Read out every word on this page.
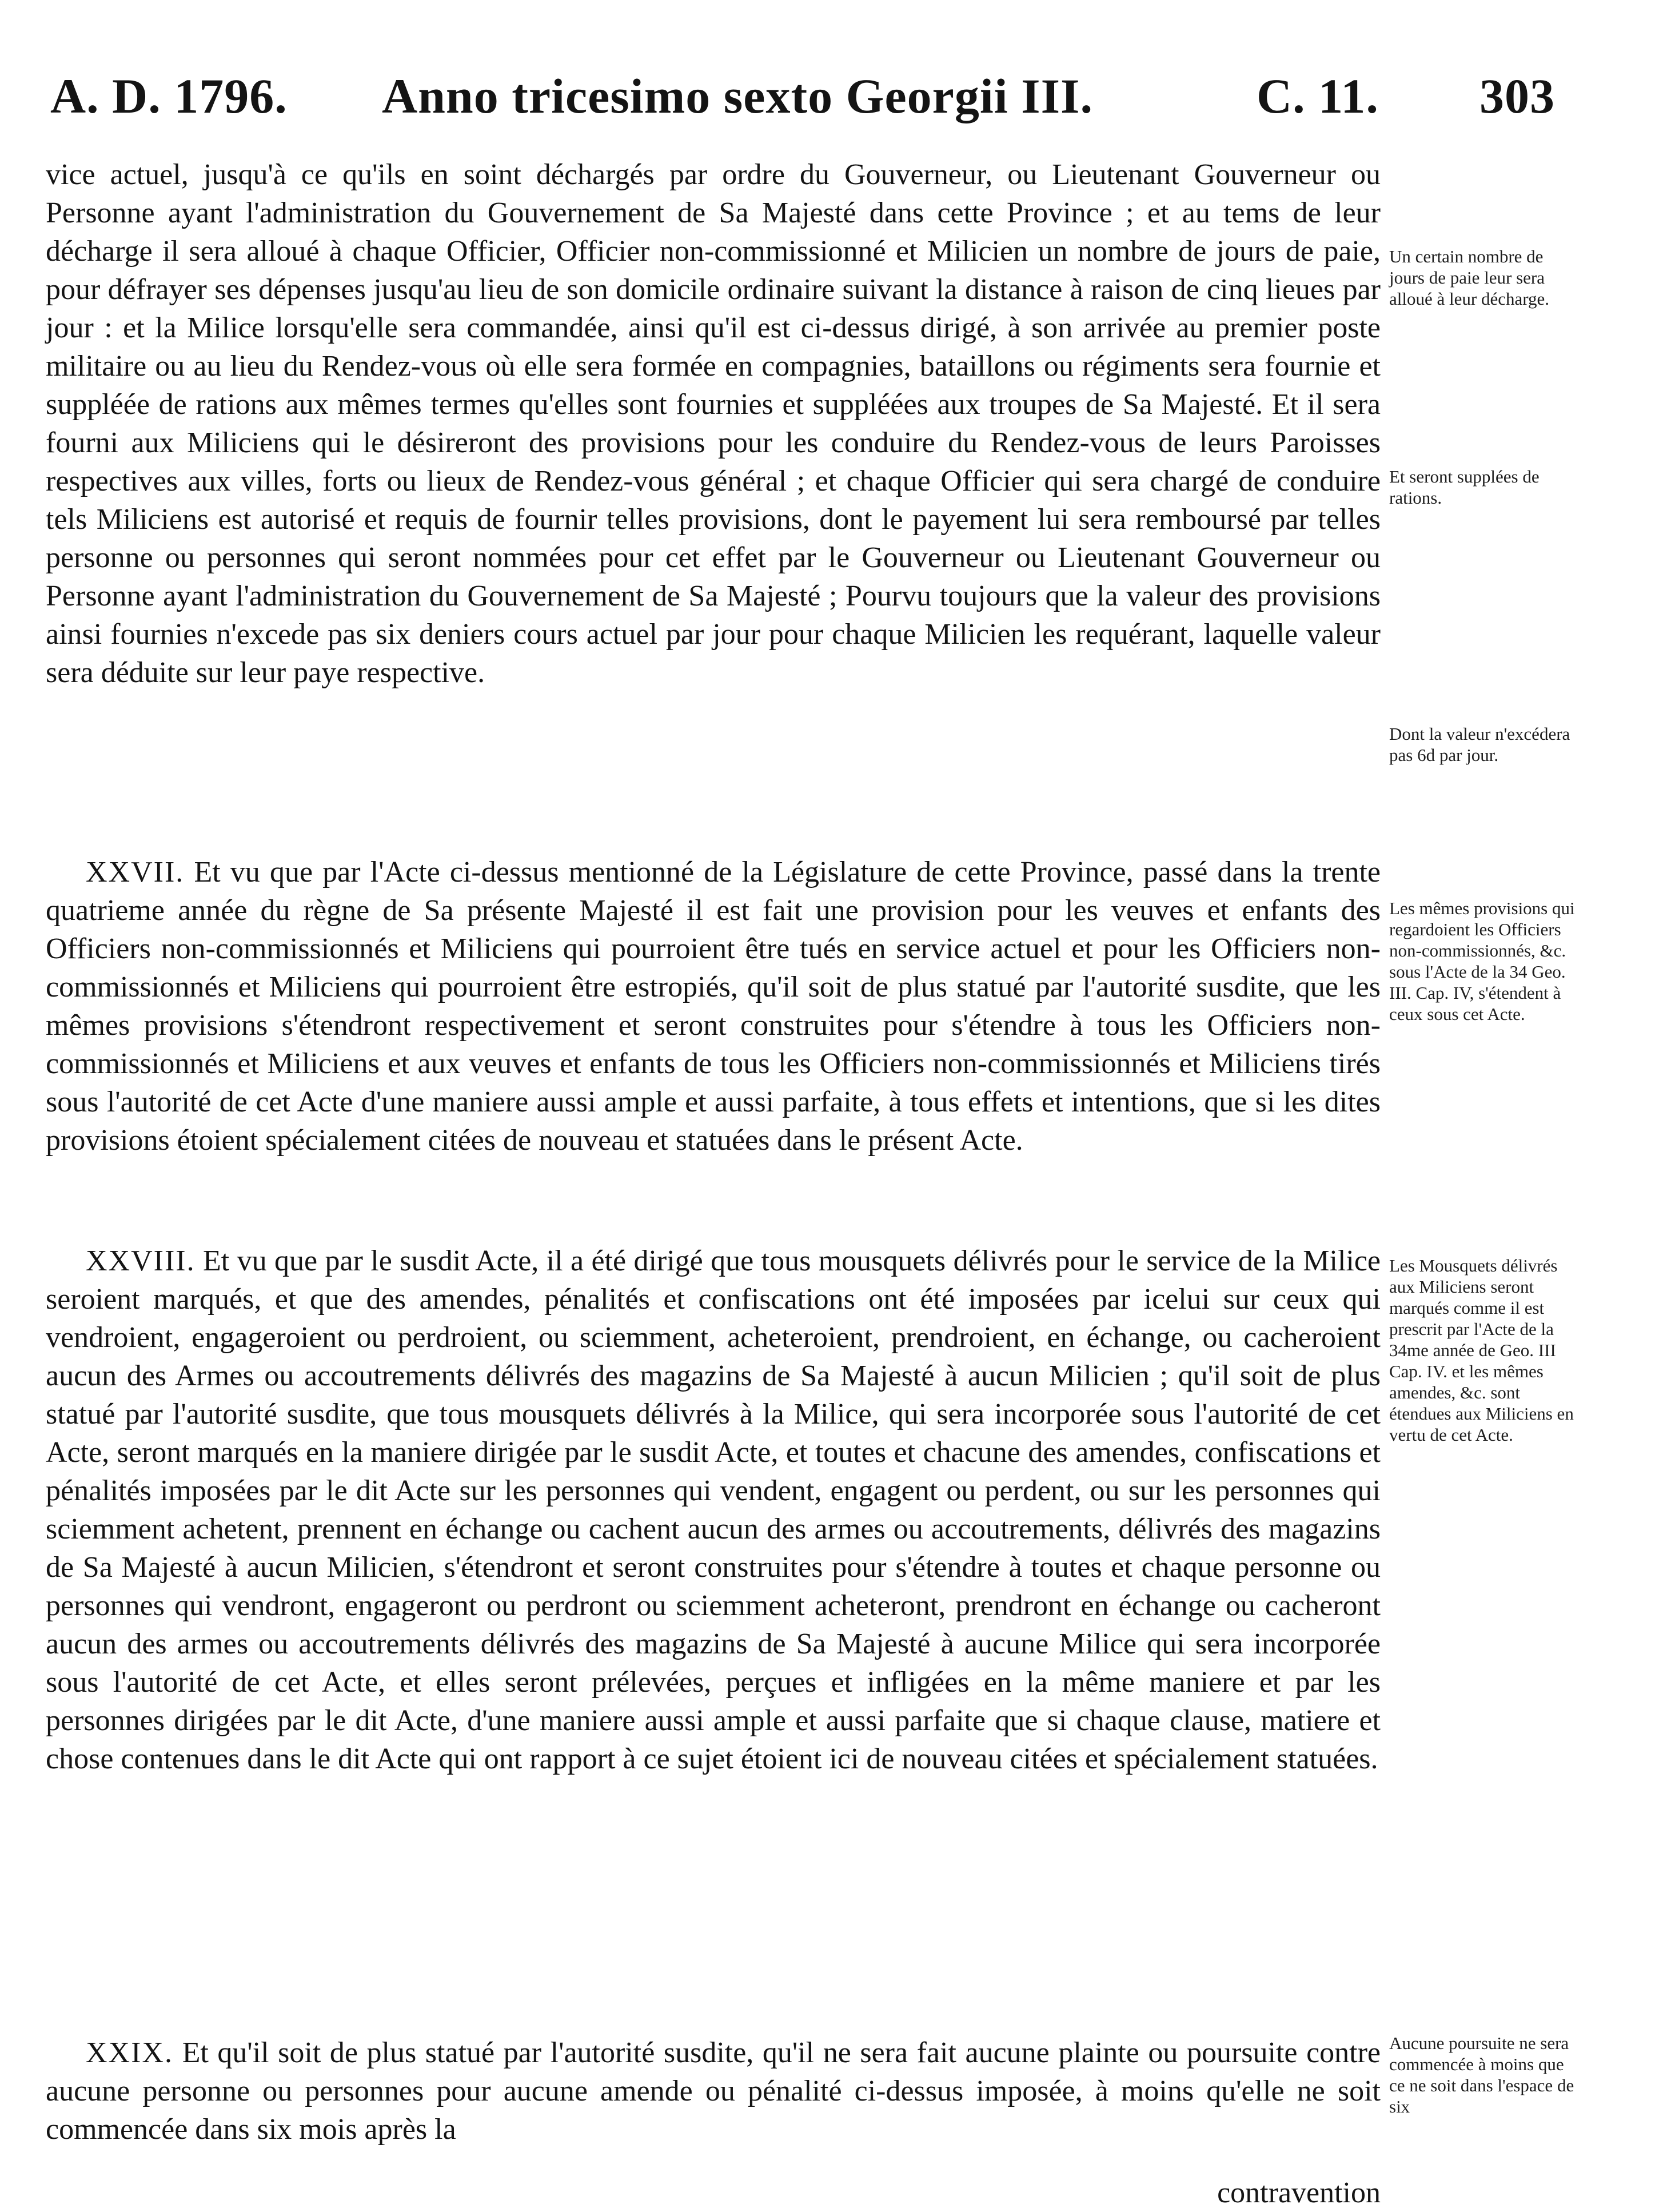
A. D. 1796. Anno tricesimo sexto Georgii III.	C. 11. 303

vice actuel, jusqu'à ce qu'ils en soint déchargés par ordre du Gouverneur, ou Lieutenant Gouverneur ou Personne ayant l'administration du Gouvernement de Sa Majesté dans cette Province ; et au tems de leur décharge il sera alloué à chaque Officier, Officier non-commissionné et Milicien un nombre de jours de paie, pour défrayer ses dépenses jusqu'au lieu de son domicile ordinaire suivant la distance à raison de cinq lieues par jour : et la Milice lorsqu'elle sera commandée, ainsi qu'il est ci-dessus dirigé, à son arrivée au premier poste militaire ou au lieu du Rendez-vous où elle sera formée en compagnies, bataillons ou régiments sera fournie et suppléée de rations aux mêmes termes qu'elles sont fournies et suppléées aux troupes de Sa Majesté. Et il sera fourni aux Miliciens qui le désireront des provisions pour les conduire du Rendez-vous de leurs Paroisses respectives aux villes, forts ou lieux de Rendez-vous général ; et chaque Officier qui sera chargé de conduire tels Miliciens est autorisé et requis de fournir telles provisions, dont le payement lui sera remboursé par telles personne ou personnes qui seront nommées pour cet effet par le Gouverneur ou Lieutenant Gouverneur ou Personne ayant l'administration du Gouvernement de Sa Majesté ; Pourvu toujours que la valeur des provisions ainsi fournies n'excede pas six deniers cours actuel par jour pour chaque Milicien les requérant, laquelle valeur sera déduite sur leur paye respective.

XXVII. Et vu que par l'Acte ci-dessus mentionné de la Législature de cette Province, passé dans la trente quatrieme année du règne de Sa présente Majesté il est fait une provision pour les veuves et enfants des Officiers non-commissionnés et Miliciens qui pourroient être tués en service actuel et pour les Officiers non-commissionnés et Miliciens qui pourroient être estropiés, qu'il soit de plus statué par l'autorité susdite, que les mêmes provisions s'étendront respectivement et seront construites pour s'étendre à tous les Officiers non-commissionnés et Miliciens et aux veuves et enfants de tous les Officiers non-commissionnés et Miliciens tirés sous l'autorité de cet Acte d'une maniere aussi ample et aussi parfaite, à tous effets et intentions, que si les dites provisions étoient spécialement citées de nouveau et statuées dans le présent Acte.

XXVIII. Et vu que par le susdit Acte, il a été dirigé que tous mousquets délivrés pour le service de la Milice seroient marqués, et que des amendes, pénalités et confiscations ont été imposées par icelui sur ceux qui vendroient, engageroient ou perdroient, ou sciemment, acheteroient, prendroient, en échange, ou cacheroient aucun des Armes ou accoutrements délivrés des magazins de Sa Majesté à aucun Milicien ; qu'il soit de plus statué par l'autorité susdite, que tous mousquets délivrés à la Milice, qui sera incorporée sous l'autorité de cet Acte, seront marqués en la maniere dirigée par le susdit Acte, et toutes et chacune des amendes, confiscations et pénalités imposées par le dit Acte sur les personnes qui vendent, engagent ou perdent, ou sur les personnes qui sciemment achetent, prennent en échange ou cachent aucun des armes ou accoutrements, délivrés des magazins de Sa Majesté à aucun Milicien, s'étendront et seront construites pour s'étendre à toutes et chaque personne ou personnes qui vendront, engageront ou perdront ou sciemment acheteront, prendront en échange ou cacheront aucun des armes ou accoutrements délivrés des magazins de Sa Majesté à aucune Milice qui sera incorporée sous l'autorité de cet Acte, et elles seront prélevées, perçues et infligées en la même maniere et par les personnes dirigées par le dit Acte, d'une maniere aussi ample et aussi parfaite que si chaque clause, matiere et chose contenues dans le dit Acte qui ont rapport à ce sujet étoient ici de nouveau citées et spécialement statuées.

XXIX. Et qu'il soit de plus statué par l'autorité susdite, qu'il ne sera fait aucune plainte ou poursuite contre aucune personne ou personnes pour aucune amende ou pénalité ci-dessus imposée, à moins qu'elle ne soit commencée dans six mois après la

contravention
Un certain nombre de jours de paie leur sera alloué à leur décharge.
Et seront supplées de rations.
Dont la valeur n'excédera pas 6d par jour.
Les mêmes provisions qui regardoient les Officiers non-commissionnés, &c. sous l'Acte de la 34 Geo. III. Cap. IV, s'étendent à ceux sous cet Acte.
Les Mousquets délivrés aux Miliciens seront marqués comme il est prescrit par l'Acte de la 34me année de Geo. III Cap. IV. et les mêmes amendes, &c. sont étendues aux Miliciens en vertu de cet Acte.
Aucune poursuite ne sera commencée à moins que ce ne soit dans l'espace de six
